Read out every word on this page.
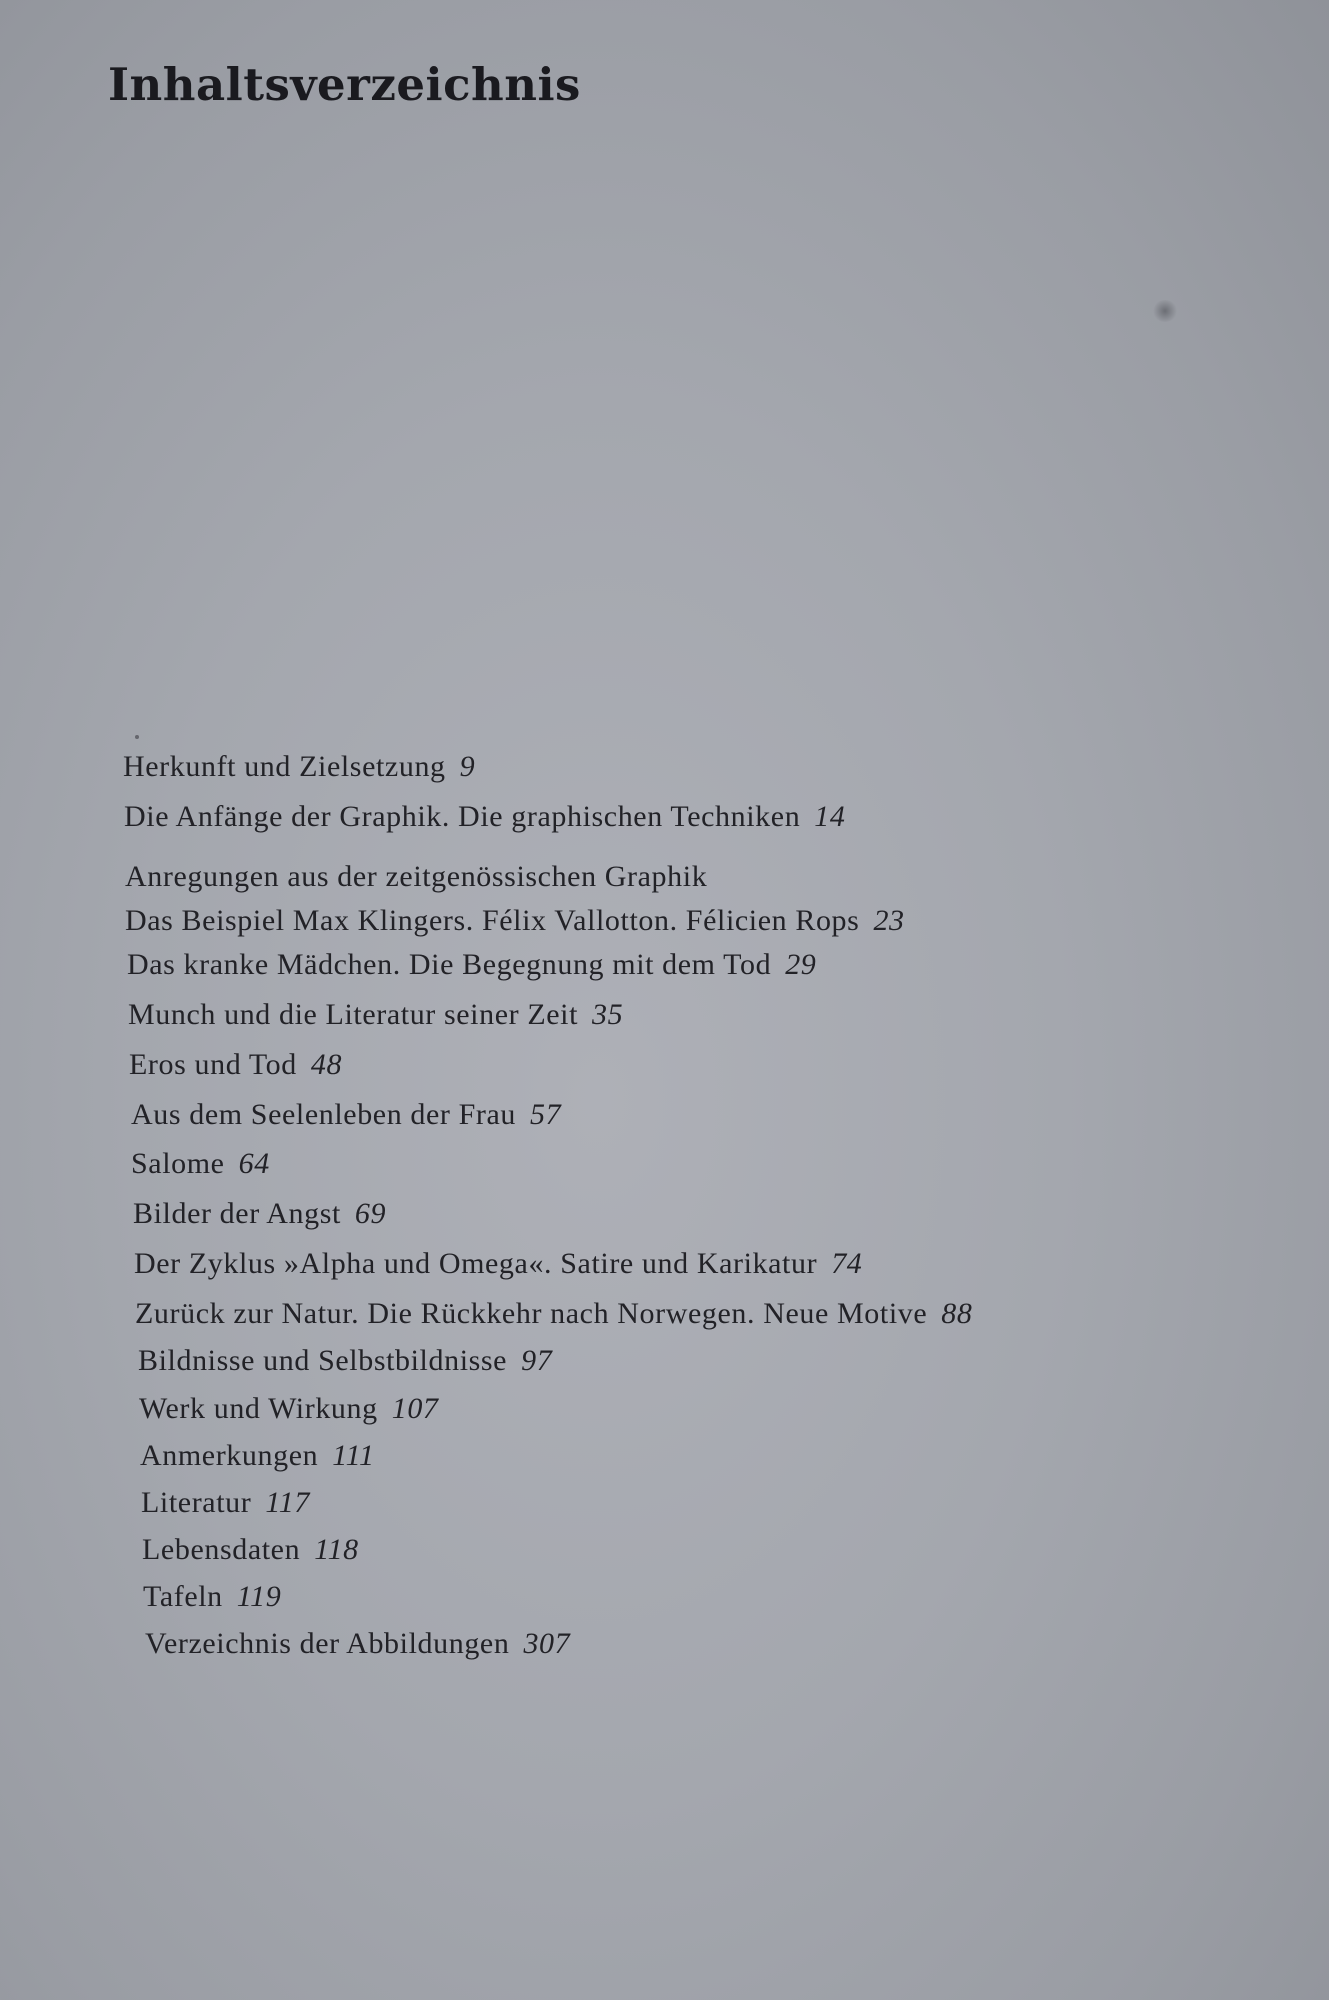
Inhaltsverzeichnis
Herkunft und Zielsetzung 9
Die Anfänge der Graphik. Die graphischen Techniken 14
Anregungen aus der zeitgenössischen Graphik
Das Beispiel Max Klingers. Félix Vallotton. Félicien Rops 23
Das kranke Mädchen. Die Begegnung mit dem Tod 29
Munch und die Literatur seiner Zeit 35
Eros und Tod 48
Aus dem Seelenleben der Frau 57
Salome 64
Bilder der Angst 69
Der Zyklus »Alpha und Omega«. Satire und Karikatur 74
Zurück zur Natur. Die Rückkehr nach Norwegen. Neue Motive 88
Bildnisse und Selbstbildnisse 97
Werk und Wirkung 107
Anmerkungen 111
Literatur 117
Lebensdaten 118
Tafeln 119
Verzeichnis der Abbildungen 307
